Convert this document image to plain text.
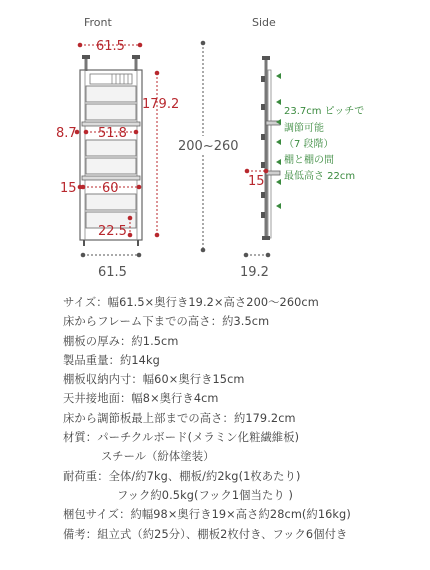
Front	Side
61.5
179.2
8.7 51.8
15 60
22.5
61.5
200~260
15
19.2
23.7cm ピッチで
調節可能
（7 段階）
棚と棚の間
最低高さ 22cm
サイズ：幅61.5×奥行き19.2×高さ200～260cm
床からフレーム下までの高さ：約3.5cm
棚板の厚み：約1.5cm
製品重量：約14kg
棚板収納内寸：幅60×奥行き15cm
天井接地面：幅8×奥行き4cm
床から調節板最上部までの高さ：約179.2cm
材質：パーチクルボード(メラミン化粧繊維板)
スチール（紛体塗装）
耐荷重：全体/約7kg、棚板/約2kg(1枚あたり)
フック約0.5kg(フック1個当たり )
梱包サイズ：約幅98×奥行き19×高さ約28cm(約16kg)
備考：組立式（約25分）、棚板2枚付き、フック6個付き
